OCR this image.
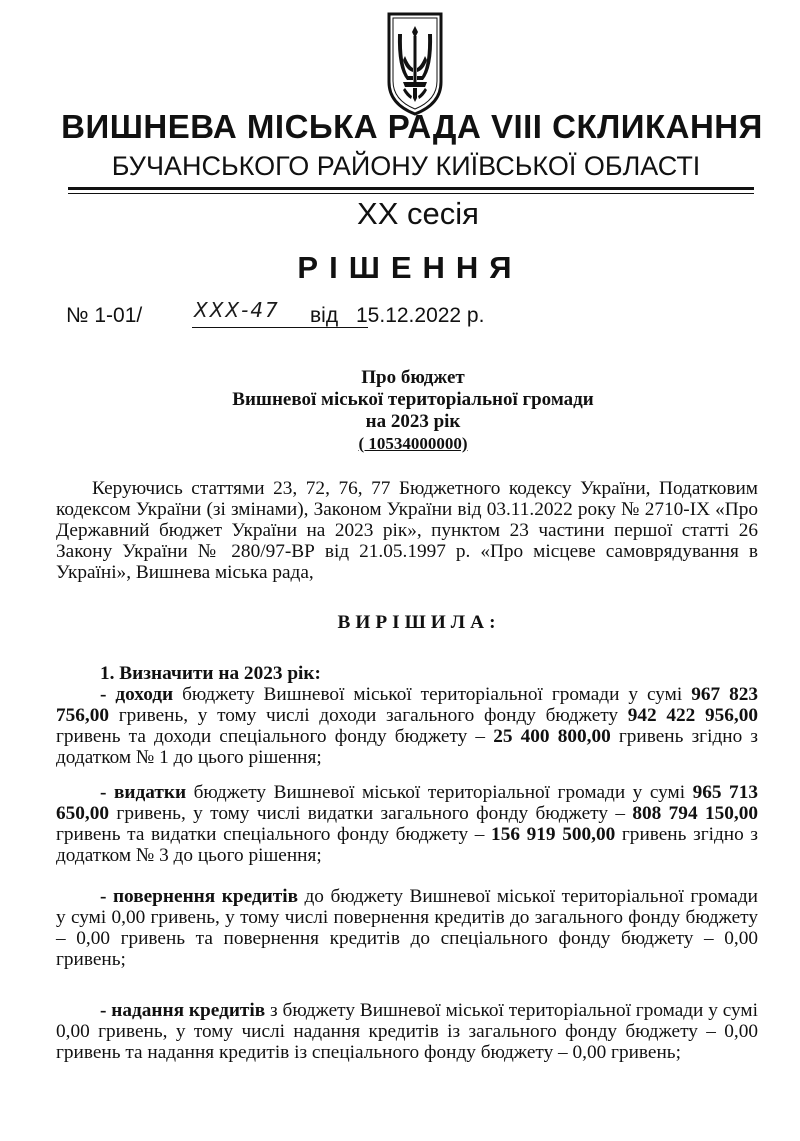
ВИШНЕВА МІСЬКА РАДА VIII СКЛИКАННЯ
БУЧАНСЬКОГО РАЙОНУ КИЇВСЬКОЇ ОБЛАСТІ
ХХ сесія
РІШЕННЯ
№ 1-01/	ХХХ-47 від 15.12.2022 р.
Про бюджет
Вишневої міської територіальної громади
на 2023 рік
( 10534000000)

Керуючись статтями 23, 72, 76, 77 Бюджетного кодексу України, Податковим кодексом України (зі змінами), Законом України від 03.11.2022 року № 2710-ІХ «Про Державний бюджет України на 2023 рік», пунктом 23 частини першої статті 26 Закону України № 280/97-ВР від 21.05.1997 р. «Про місцеве самоврядування в Україні», Вишнева міська рада,

ВИРІШИЛА:

1. Визначити на 2023 рік:

- доходи бюджету Вишневої міської територіальної громади у сумі 967 823 756,00 гривень, у тому числі доходи загального фонду бюджету 942 422 956,00 гривень та доходи спеціального фонду бюджету – 25 400 800,00 гривень згідно з додатком № 1 до цього рішення;

- видатки бюджету Вишневої міської територіальної громади у сумі 965 713 650,00 гривень, у тому числі видатки загального фонду бюджету – 808 794 150,00 гривень та видатки спеціального фонду бюджету – 156 919 500,00 гривень згідно з додатком № 3 до цього рішення;

- повернення кредитів до бюджету Вишневої міської територіальної громади у сумі 0,00 гривень, у тому числі повернення кредитів до загального фонду бюджету – 0,00 гривень та повернення кредитів до спеціального фонду бюджету – 0,00 гривень;

- надання кредитів з бюджету Вишневої міської територіальної громади у сумі 0,00 гривень, у тому числі надання кредитів із загального фонду бюджету – 0,00 гривень та надання кредитів із спеціального фонду бюджету – 0,00 гривень;
